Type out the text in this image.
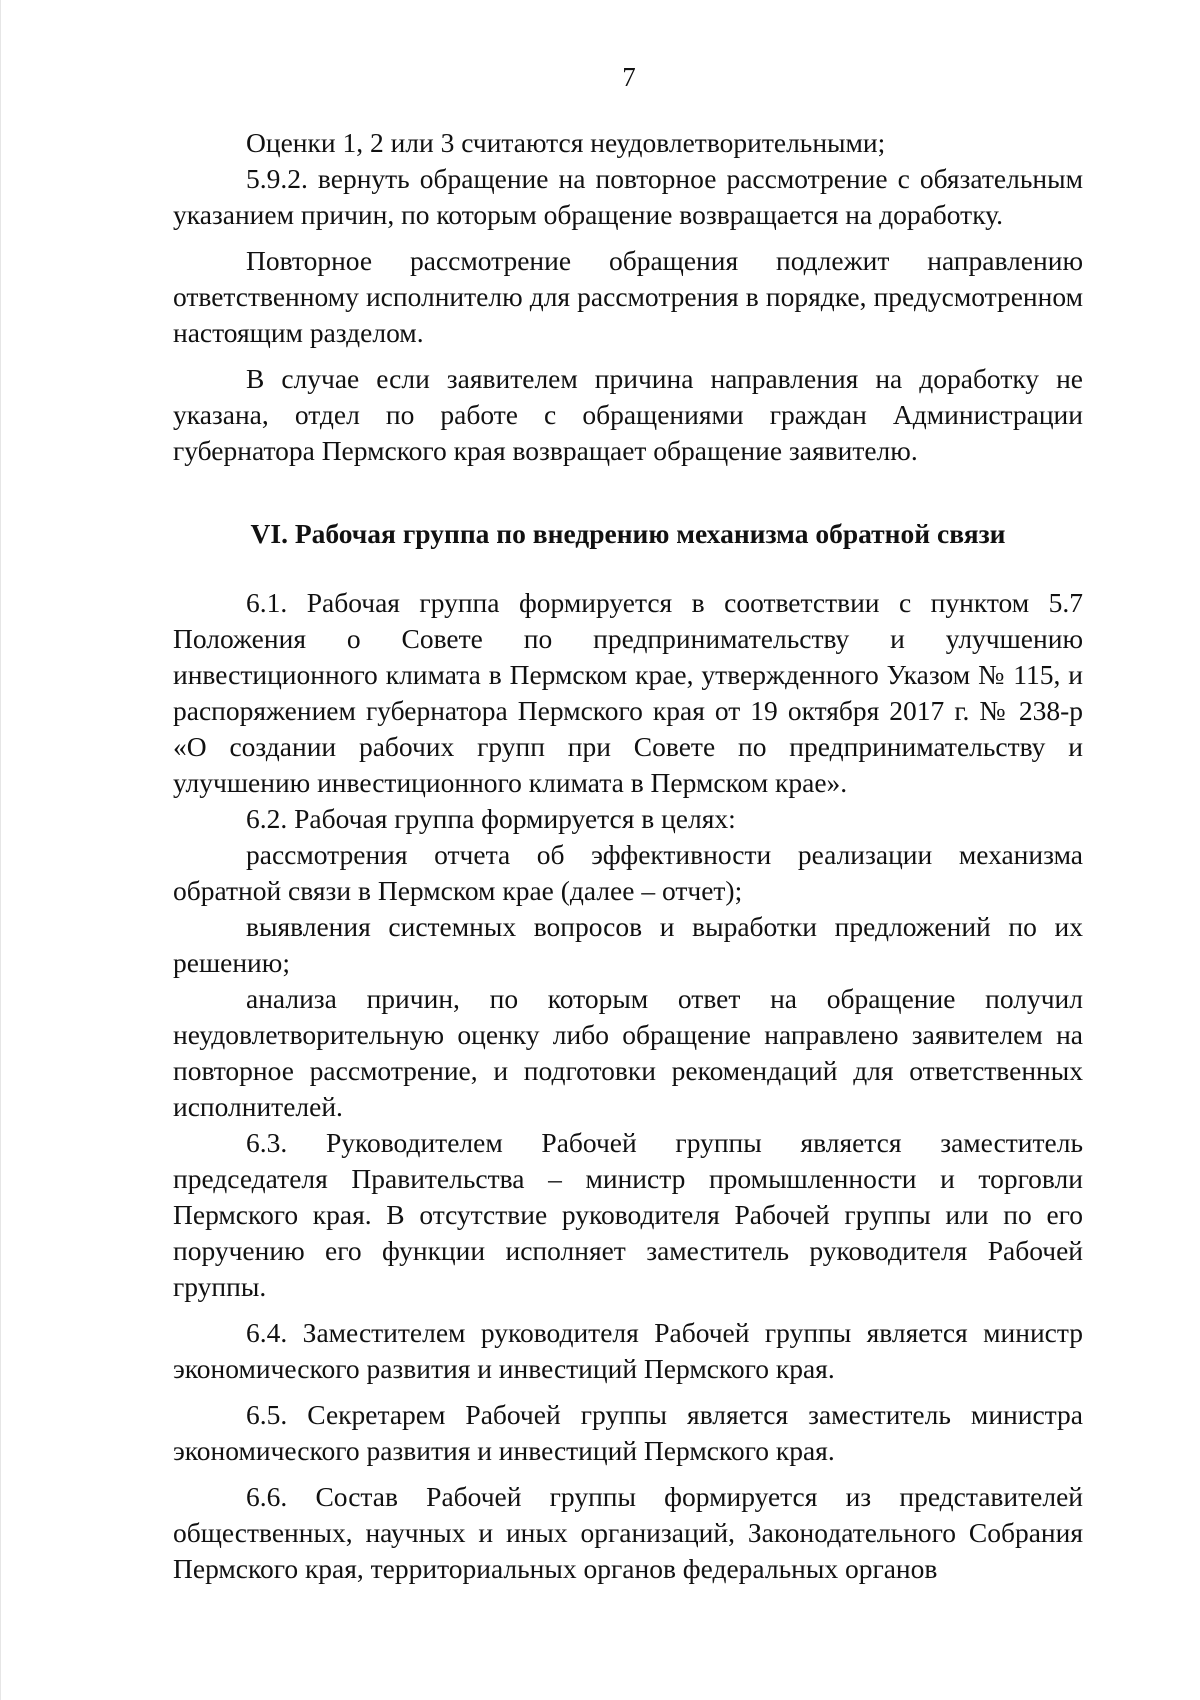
7

Оценки 1, 2 или 3 считаются неудовлетворительными;

5.9.2. вернуть обращение на повторное рассмотрение с обязательным указанием причин, по которым обращение возвращается на доработку.

Повторное рассмотрение обращения подлежит направлению ответственному исполнителю для рассмотрения в порядке, предусмотренном настоящим разделом.

В случае если заявителем причина направления на доработку не указана, отдел по работе с обращениями граждан Администрации губернатора Пермского края возвращает обращение заявителю.

VI. Рабочая группа по внедрению механизма обратной связи

6.1. Рабочая группа формируется в соответствии с пунктом 5.7 Положения о Совете по предпринимательству и улучшению инвестиционного климата в Пермском крае, утвержденного Указом № 115, и распоряжением губернатора Пермского края от 19 октября 2017 г. № 238-р «О создании рабочих групп при Совете по предпринимательству и улучшению инвестиционного климата в Пермском крае».

6.2. Рабочая группа формируется в целях:

рассмотрения отчета об эффективности реализации механизма обратной связи в Пермском крае (далее – отчет);

выявления системных вопросов и выработки предложений по их решению;

анализа причин, по которым ответ на обращение получил неудовлетворительную оценку либо обращение направлено заявителем на повторное рассмотрение, и подготовки рекомендаций для ответственных исполнителей.

6.3. Руководителем Рабочей группы является заместитель председателя Правительства – министр промышленности и торговли Пермского края. В отсутствие руководителя Рабочей группы или по его поручению его функции исполняет заместитель руководителя Рабочей группы.

6.4. Заместителем руководителя Рабочей группы является министр экономического развития и инвестиций Пермского края.

6.5. Секретарем Рабочей группы является заместитель министра экономического развития и инвестиций Пермского края.

6.6. Состав Рабочей группы формируется из представителей общественных, научных и иных организаций, Законодательного Собрания Пермского края, территориальных органов федеральных органов
